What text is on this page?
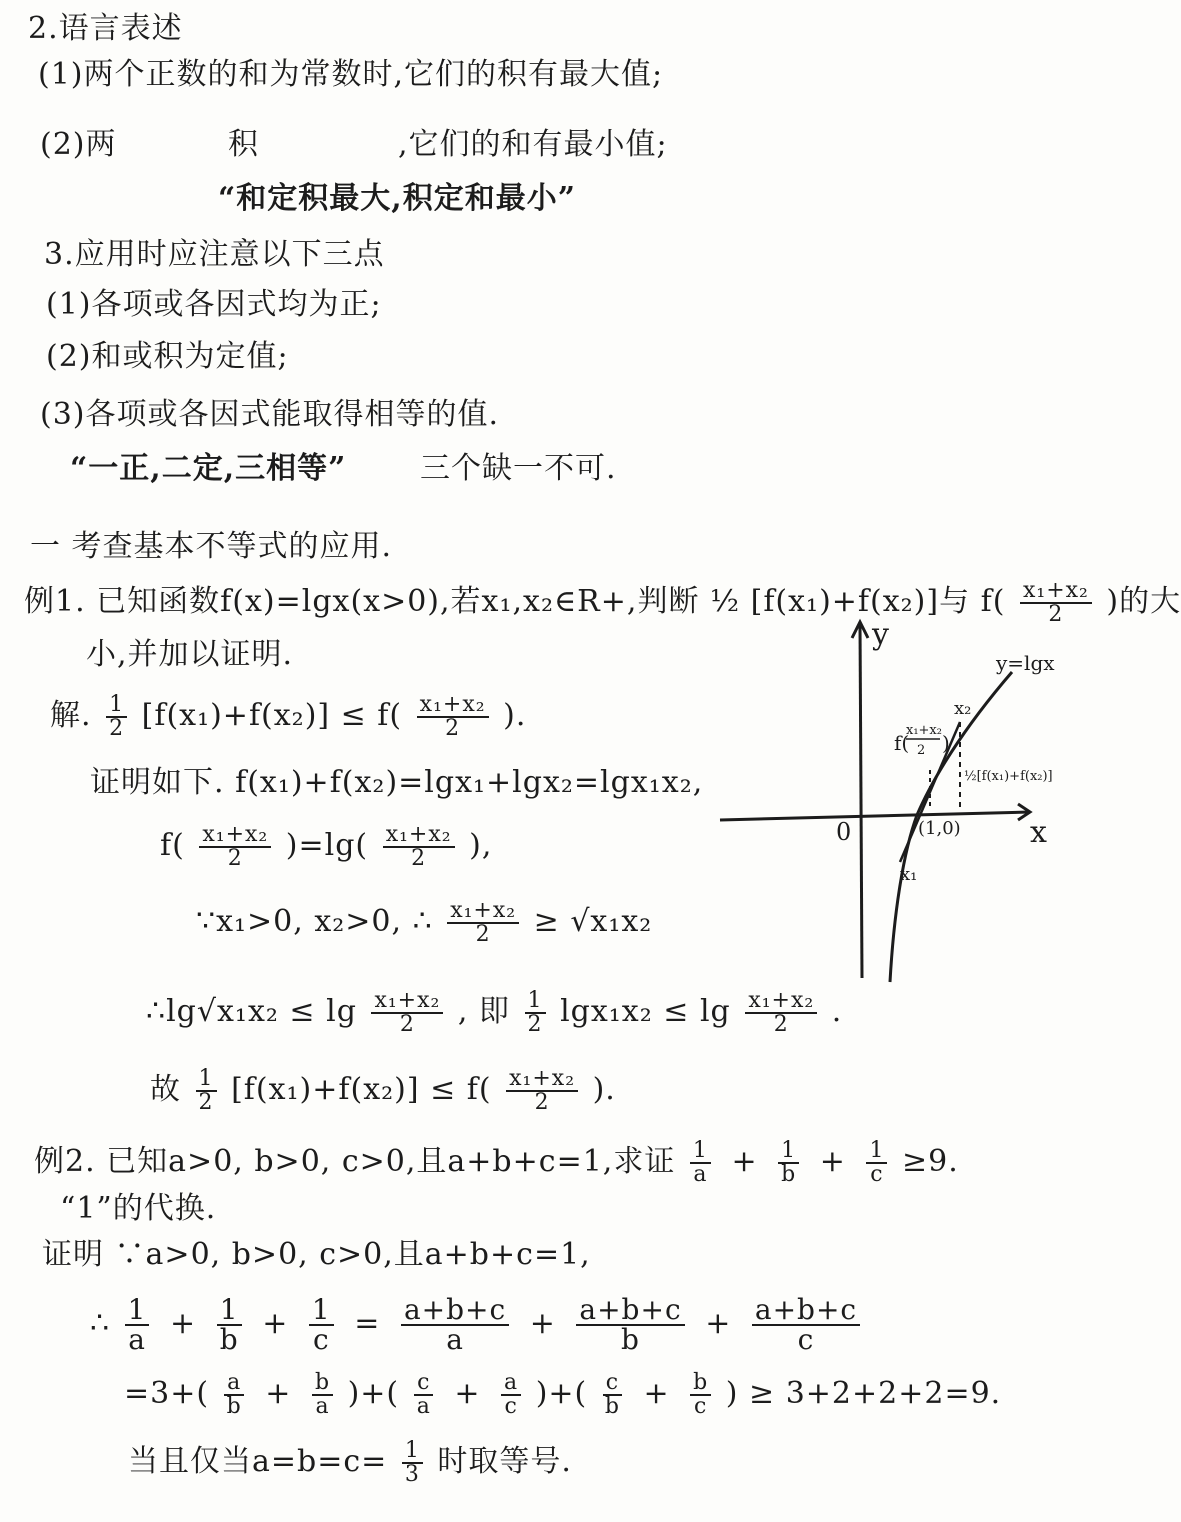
2.语言表述
(1)两个正数的和为常数时,它们的积有最大值;
(2)两	积	,它们的和有最小值;
“和定积最大,积定和最小”
3.应用时应注意以下三点
(1)各项或各因式均为正;
(2)和或积为定值;
(3)各项或各因式能取得相等的值.
“一正,二定,三相等” 三个缺一不可.
一 考查基本不等式的应用.
例1. 已知函数f(x)=lgx(x>0),若x₁,x₂∈R+,判断 ½ [f(x₁)+f(x₂)]与 $f( \frac{\text{x₁+x₂}}{2}$ )的大
小,并加以证明.
解. $\frac{1}{2} [f(x_1)+f(x_2)] \le f( \frac{\text{x₁+x₂}}{2}$ ).
证明如下. f(x₁)+f(x₂)=lgx₁+lgx₂=lgx₁x₂,
$f( \frac{\text{x₁+x₂}}{2} )=\lg( \frac{\text{x₁+x₂}}{2}$ ),
∵x₁>0, x₂>0, ∴ $\frac{\text{x₁+x₂}}{2} \ge √x_1x_2$
∴lg√x₁x₂ ≤ $\lg \frac{\text{x₁+x₂}}{2}$ , 即 $\frac{1}{2} \lg x_1x_2 \le \lg \frac{\text{x₁+x₂}}{2}$ .
故 $\frac{1}{2} [f(x_1)+f(x_2)] \le f( \frac{\text{x₁+x₂}}{2}$ ).
y
x
y=lgx
0	(1,0)
x₁
x₂
f(
x₁+x₂
2 )
½[f(x₁)+f(x₂)]
例2. 已知a>0, b>0, c>0,且a+b+c=1,求证 $\frac{1}{a} + \frac{1}{b} + \frac{1}{c} \ge 9$.
“1”的代换.
证明 ∵a>0, b>0, c>0,且a+b+c=1,
∴ $\frac{1}{a} + \frac{1}{b} + \frac{1}{c} = \frac{a+b+c}{a} + \frac{a+b+c}{b} + \frac{a+b+c}{c}$
$=3+( \frac{a}{b} + \frac{b}{a}$ )+( $\frac{c}{a} + \frac{a}{c}$ )+( $\frac{c}{b} + \frac{b}{c}$ ) ≥ 3+2+2+2=9.
当且仅当$a=b=c= \frac{1}{3}$ 时取等号.
